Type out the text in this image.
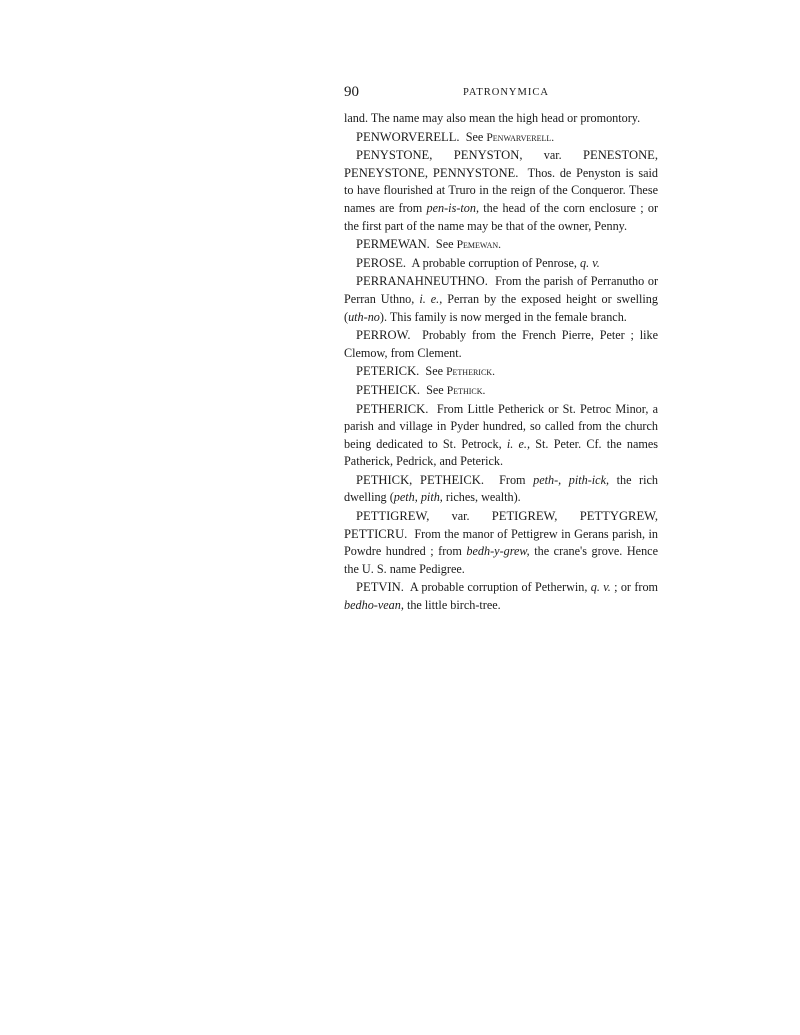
90	PATRONYMICA

land. The name may also mean the high head or promontory.

PENWORVERELL. See Penwarverell.

PENYSTONE, PENYSTON, var. PENESTONE, PENEYSTONE, PENNYSTONE. Thos. de Penyston is said to have flourished at Truro in the reign of the Conqueror. These names are from pen-is-ton, the head of the corn enclosure ; or the first part of the name may be that of the owner, Penny.

PERMEWAN. See Pemewan.

PEROSE. A probable corruption of Penrose, q. v.

PERRANAHNEUTHNO. From the parish of Perranutho or Perran Uthno, i. e., Perran by the exposed height or swelling (uth-no). This family is now merged in the female branch.

PERROW. Probably from the French Pierre, Peter ; like Clemow, from Clement.

PETERICK. See Petherick.

PETHEICK. See Pethick.

PETHERICK. From Little Petherick or St. Petroc Minor, a parish and village in Pyder hundred, so called from the church being dedicated to St. Petrock, i. e., St. Peter. Cf. the names Patherick, Pedrick, and Peterick.

PETHICK, PETHEICK. From peth-, pith-ick, the rich dwelling (peth, pith, riches, wealth).

PETTIGREW, var. PETIGREW, PETTYGREW, PETTICRU. From the manor of Pettigrew in Gerans parish, in Powdre hundred ; from bedh-y-grew, the crane's grove. Hence the U. S. name Pedigree.

PETVIN. A probable corruption of Petherwin, q. v. ; or from bedho-vean, the little birch-tree.
